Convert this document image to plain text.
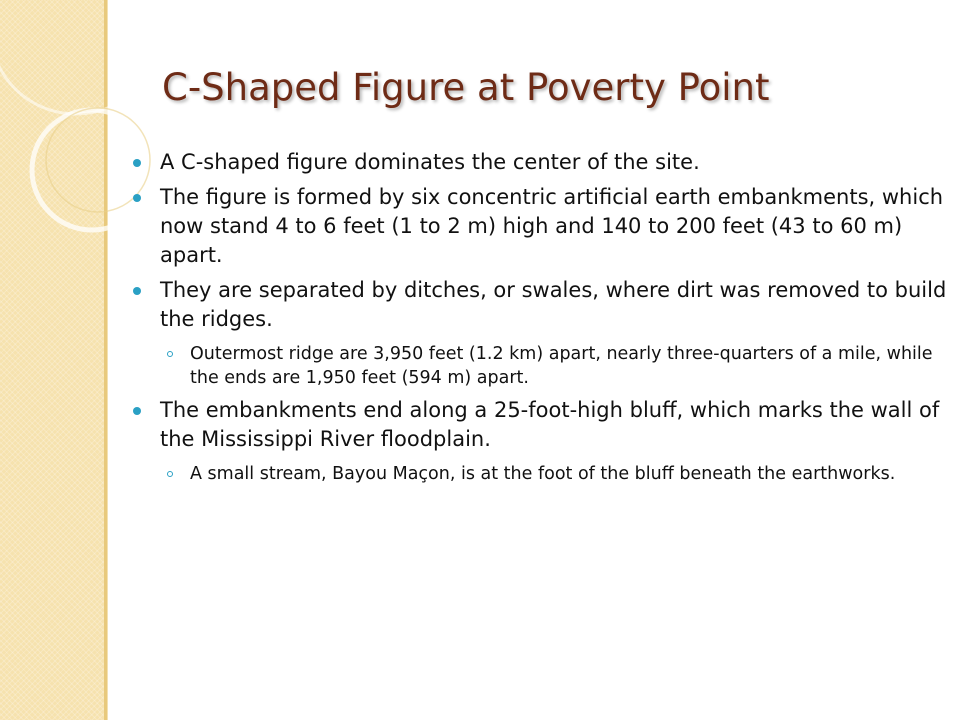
C-Shaped Figure at Poverty Point
A C-shaped figure dominates the center of the site.
The figure is formed by six concentric artificial earth embankments, which now stand 4 to 6 feet (1 to 2 m) high and 140 to 200 feet (43 to 60 m) apart.
They are separated by ditches, or swales, where dirt was removed to build the ridges.
Outermost ridge are 3,950 feet (1.2 km) apart, nearly three-quarters of a mile, while the ends are 1,950 feet (594 m) apart.
The embankments end along a 25-foot-high bluff, which marks the wall of the Mississippi River floodplain.
A small stream, Bayou Maçon, is at the foot of the bluff beneath the earthworks.
